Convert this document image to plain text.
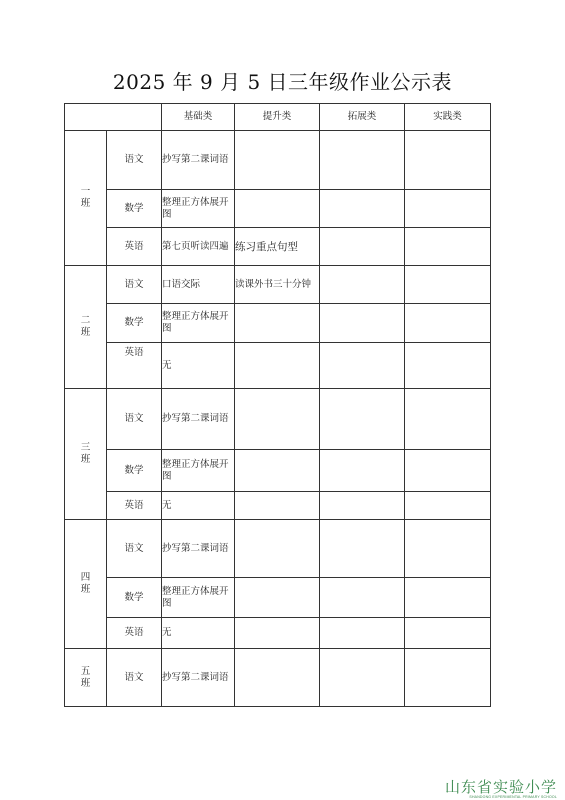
2025 年 9 月 5 日三年级作业公示表
		基础类	提升类	拓展类	实践类

一
班	语文	抄写第二课词语			
	数学	整理正方体展开图			
	英语	第七页听读四遍	练习重点句型		

二
班	语文	口语交际	读课外书三十分钟		
	数学	整理正方体展开图			
	英语	无			

三
班	语文	抄写第二课词语			
	数学	整理正方体展开图			
	英语	无			

四
班	语文	抄写第二课词语			
	数学	整理正方体展开图			
	英语	无			

五
班	语文	抄写第二课词语			
山东省实验小学
SHANDONG EXPERIMENTAL PRIMARY SCHOOL
